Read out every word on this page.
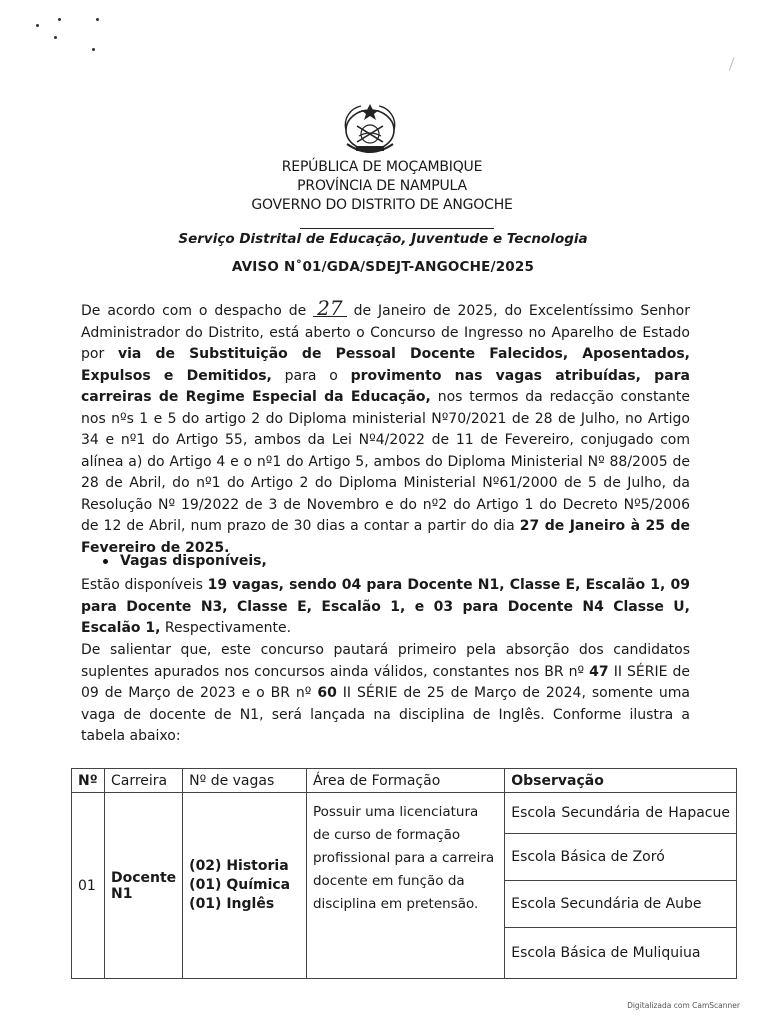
REPÚBLICA DE MOÇAMBIQUE
PROVÍNCIA DE NAMPULA
GOVERNO DO DISTRITO DE ANGOCHE
Serviço Distrital de Educação, Juventude e Tecnologia
AVISO N˚01/GDA/SDEJT-ANGOCHE/2025
De acordo com o despacho de 27 de Janeiro de 2025, do Excelentíssimo Senhor Administrador do Distrito, está aberto o Concurso de Ingresso no Aparelho de Estado por via de Substituição de Pessoal Docente Falecidos, Aposentados, Expulsos e Demitidos, para o provimento nas vagas atribuídas, para carreiras de Regime Especial da Educação, nos termos da redacção constante nos nºs 1 e 5 do artigo 2 do Diploma ministerial Nº70/2021 de 28 de Julho, no Artigo 34 e nº1 do Artigo 55, ambos da Lei Nº4/2022 de 11 de Fevereiro, conjugado com alínea a) do Artigo 4 e o nº1 do Artigo 5, ambos do Diploma Ministerial Nº 88/2005 de 28 de Abril, do nº1 do Artigo 2 do Diploma Ministerial Nº61/2000 de 5 de Julho, da Resolução Nº 19/2022 de 3 de Novembro e do nº2 do Artigo 1 do Decreto Nº5/2006 de 12 de Abril, num prazo de 30 dias a contar a partir do dia 27 de Janeiro à 25 de Fevereiro de 2025.
Vagas disponíveis,
Estão disponíveis 19 vagas, sendo 04 para Docente N1, Classe E, Escalão 1, 09 para Docente N3, Classe E, Escalão 1, e 03 para Docente N4 Classe U, Escalão 1, Respectivamente.
De salientar que, este concurso pautará primeiro pela absorção dos candidatos suplentes apurados nos concursos ainda válidos, constantes nos BR nº 47 II SÉRIE de 09 de Março de 2023 e o BR nº 60 II SÉRIE de 25 de Março de 2024, somente uma vaga de docente de N1, será lançada na disciplina de Inglês. Conforme ilustra a tabela abaixo:
Nº	Carreira	Nº de vagas	Área de Formação	Observação
01	Docente N1	(02) Historia
(01) Química
(01) Inglês	Possuir uma licenciatura de curso de formação profissional para a carreira docente em função da disciplina em pretensão.	Escola Secundária de Hapacue
				Escola Básica de Zoró
				Escola Secundária de Aube
				Escola Básica de Muliquiua
Digitalizada com CamScanner
